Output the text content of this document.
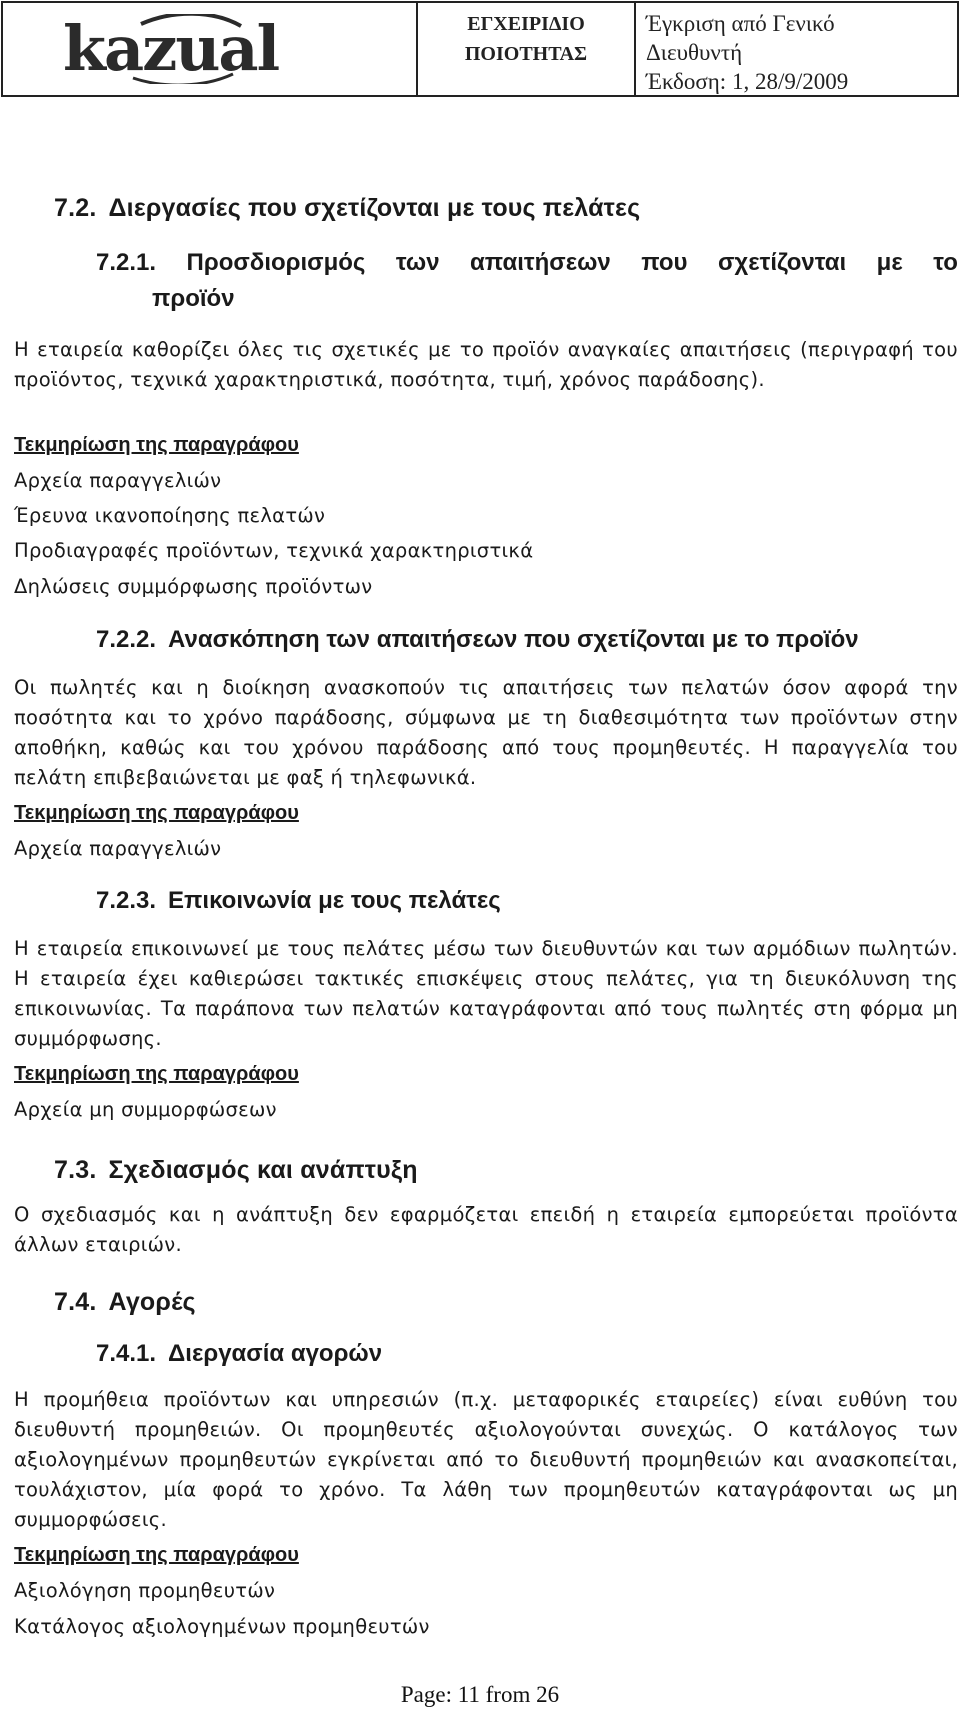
kazual	ΕΓΧΕΙΡΙΔΙΟ
ΠΟΙΟΤΗΤΑΣ
Έγκριση από Γενικό
Διευθυντή
Έκδοση: 1, 28/9/2009
7.2. Διεργασίες που σχετίζονται με τους πελάτες
7.2.1. Προσδιορισμός των απαιτήσεων που σχετίζονται με το
προϊόν
Η εταιρεία καθορίζει όλες τις σχετικές με το προϊόν αναγκαίες απαιτήσεις (περιγραφή του προϊόντος, τεχνικά χαρακτηριστικά, ποσότητα, τιμή, χρόνος παράδοσης).
Τεκμηρίωση της παραγράφου
Αρχεία παραγγελιών
Έρευνα ικανοποίησης πελατών
Προδιαγραφές προϊόντων, τεχνικά χαρακτηριστικά
Δηλώσεις συμμόρφωσης προϊόντων
7.2.2. Ανασκόπηση των απαιτήσεων που σχετίζονται με το προϊόν
Οι πωλητές και η διοίκηση ανασκοπούν τις απαιτήσεις των πελατών όσον αφορά την ποσότητα και το χρόνο παράδοσης, σύμφωνα με τη διαθεσιμότητα των προϊόντων στην αποθήκη, καθώς και του χρόνου παράδοσης από τους προμηθευτές. Η παραγγελία του πελάτη επιβεβαιώνεται με φαξ ή τηλεφωνικά.
Τεκμηρίωση της παραγράφου
Αρχεία παραγγελιών
7.2.3. Επικοινωνία με τους πελάτες
Η εταιρεία επικοινωνεί με τους πελάτες μέσω των διευθυντών και των αρμόδιων πωλητών. Η εταιρεία έχει καθιερώσει τακτικές επισκέψεις στους πελάτες, για τη διευκόλυνση της επικοινωνίας. Τα παράπονα των πελατών καταγράφονται από τους πωλητές στη φόρμα μη συμμόρφωσης.
Τεκμηρίωση της παραγράφου
Αρχεία μη συμμορφώσεων
7.3. Σχεδιασμός και ανάπτυξη
Ο σχεδιασμός και η ανάπτυξη δεν εφαρμόζεται επειδή η εταιρεία εμπορεύεται προϊόντα άλλων εταιριών.
7.4. Αγορές
7.4.1. Διεργασία αγορών
Η προμήθεια προϊόντων και υπηρεσιών (π.χ. μεταφορικές εταιρείες) είναι ευθύνη του διευθυντή προμηθειών. Οι προμηθευτές αξιολογούνται συνεχώς. Ο κατάλογος των αξιολογημένων προμηθευτών εγκρίνεται από το διευθυντή προμηθειών και ανασκοπείται, τουλάχιστον, μία φορά το χρόνο. Τα λάθη των προμηθευτών καταγράφονται ως μη συμμορφώσεις.
Τεκμηρίωση της παραγράφου
Αξιολόγηση προμηθευτών
Κατάλογος αξιολογημένων προμηθευτών
Page: 11 from 26
